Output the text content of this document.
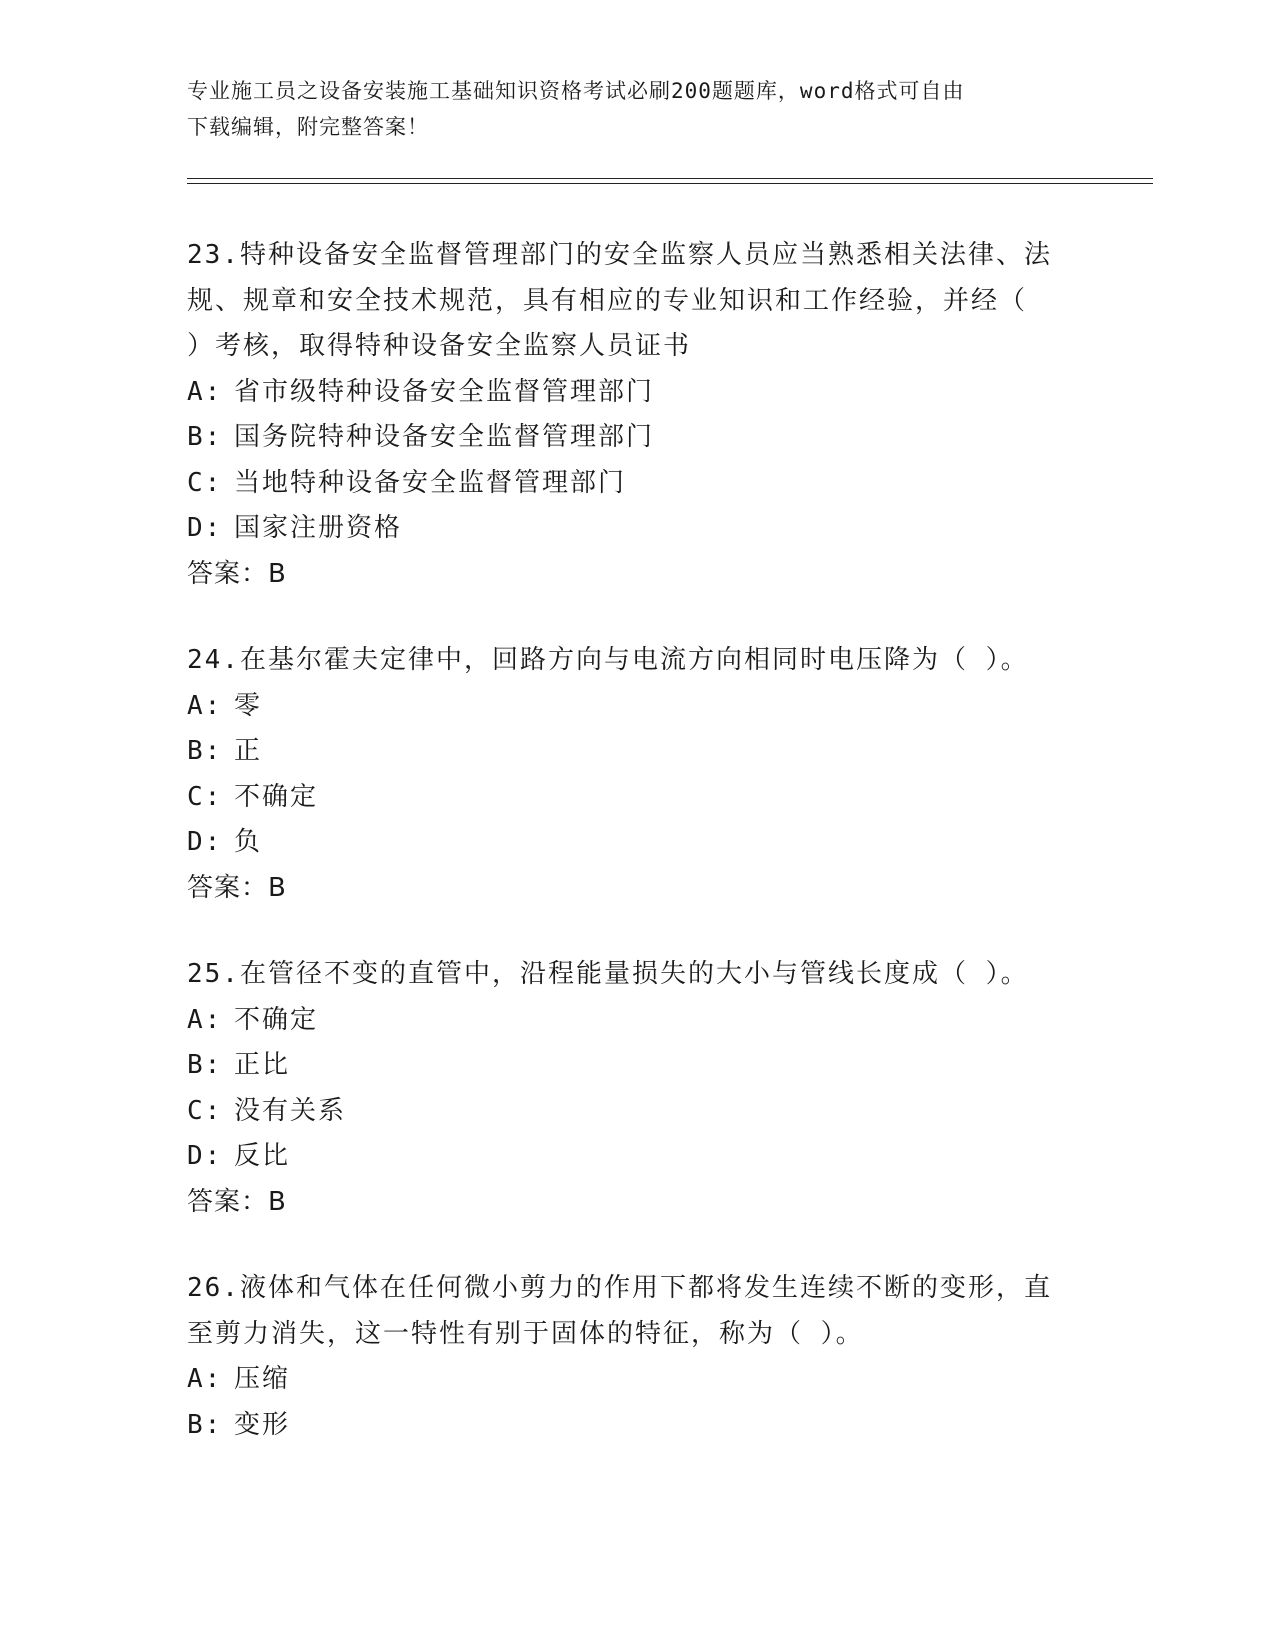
专业施工员之设备安装施工基础知识资格考试必刷200题题库，word格式可自由
下载编辑，附完整答案！
23.特种设备安全监督管理部门的安全监察人员应当熟悉相关法律、法
规、规章和安全技术规范，具有相应的专业知识和工作经验，并经（
）考核，取得特种设备安全监察人员证书
A: 省市级特种设备安全监督管理部门
B: 国务院特种设备安全监督管理部门
C: 当地特种设备安全监督管理部门
D: 国家注册资格
答案：B
24.在基尔霍夫定律中，回路方向与电流方向相同时电压降为（ ）。
A: 零
B: 正
C: 不确定
D: 负
答案：B
25.在管径不变的直管中，沿程能量损失的大小与管线长度成（ ）。
A: 不确定
B: 正比
C: 没有关系
D: 反比
答案：B
26.液体和气体在任何微小剪力的作用下都将发生连续不断的变形，直
至剪力消失，这一特性有别于固体的特征，称为（ ）。
A: 压缩
B: 变形
